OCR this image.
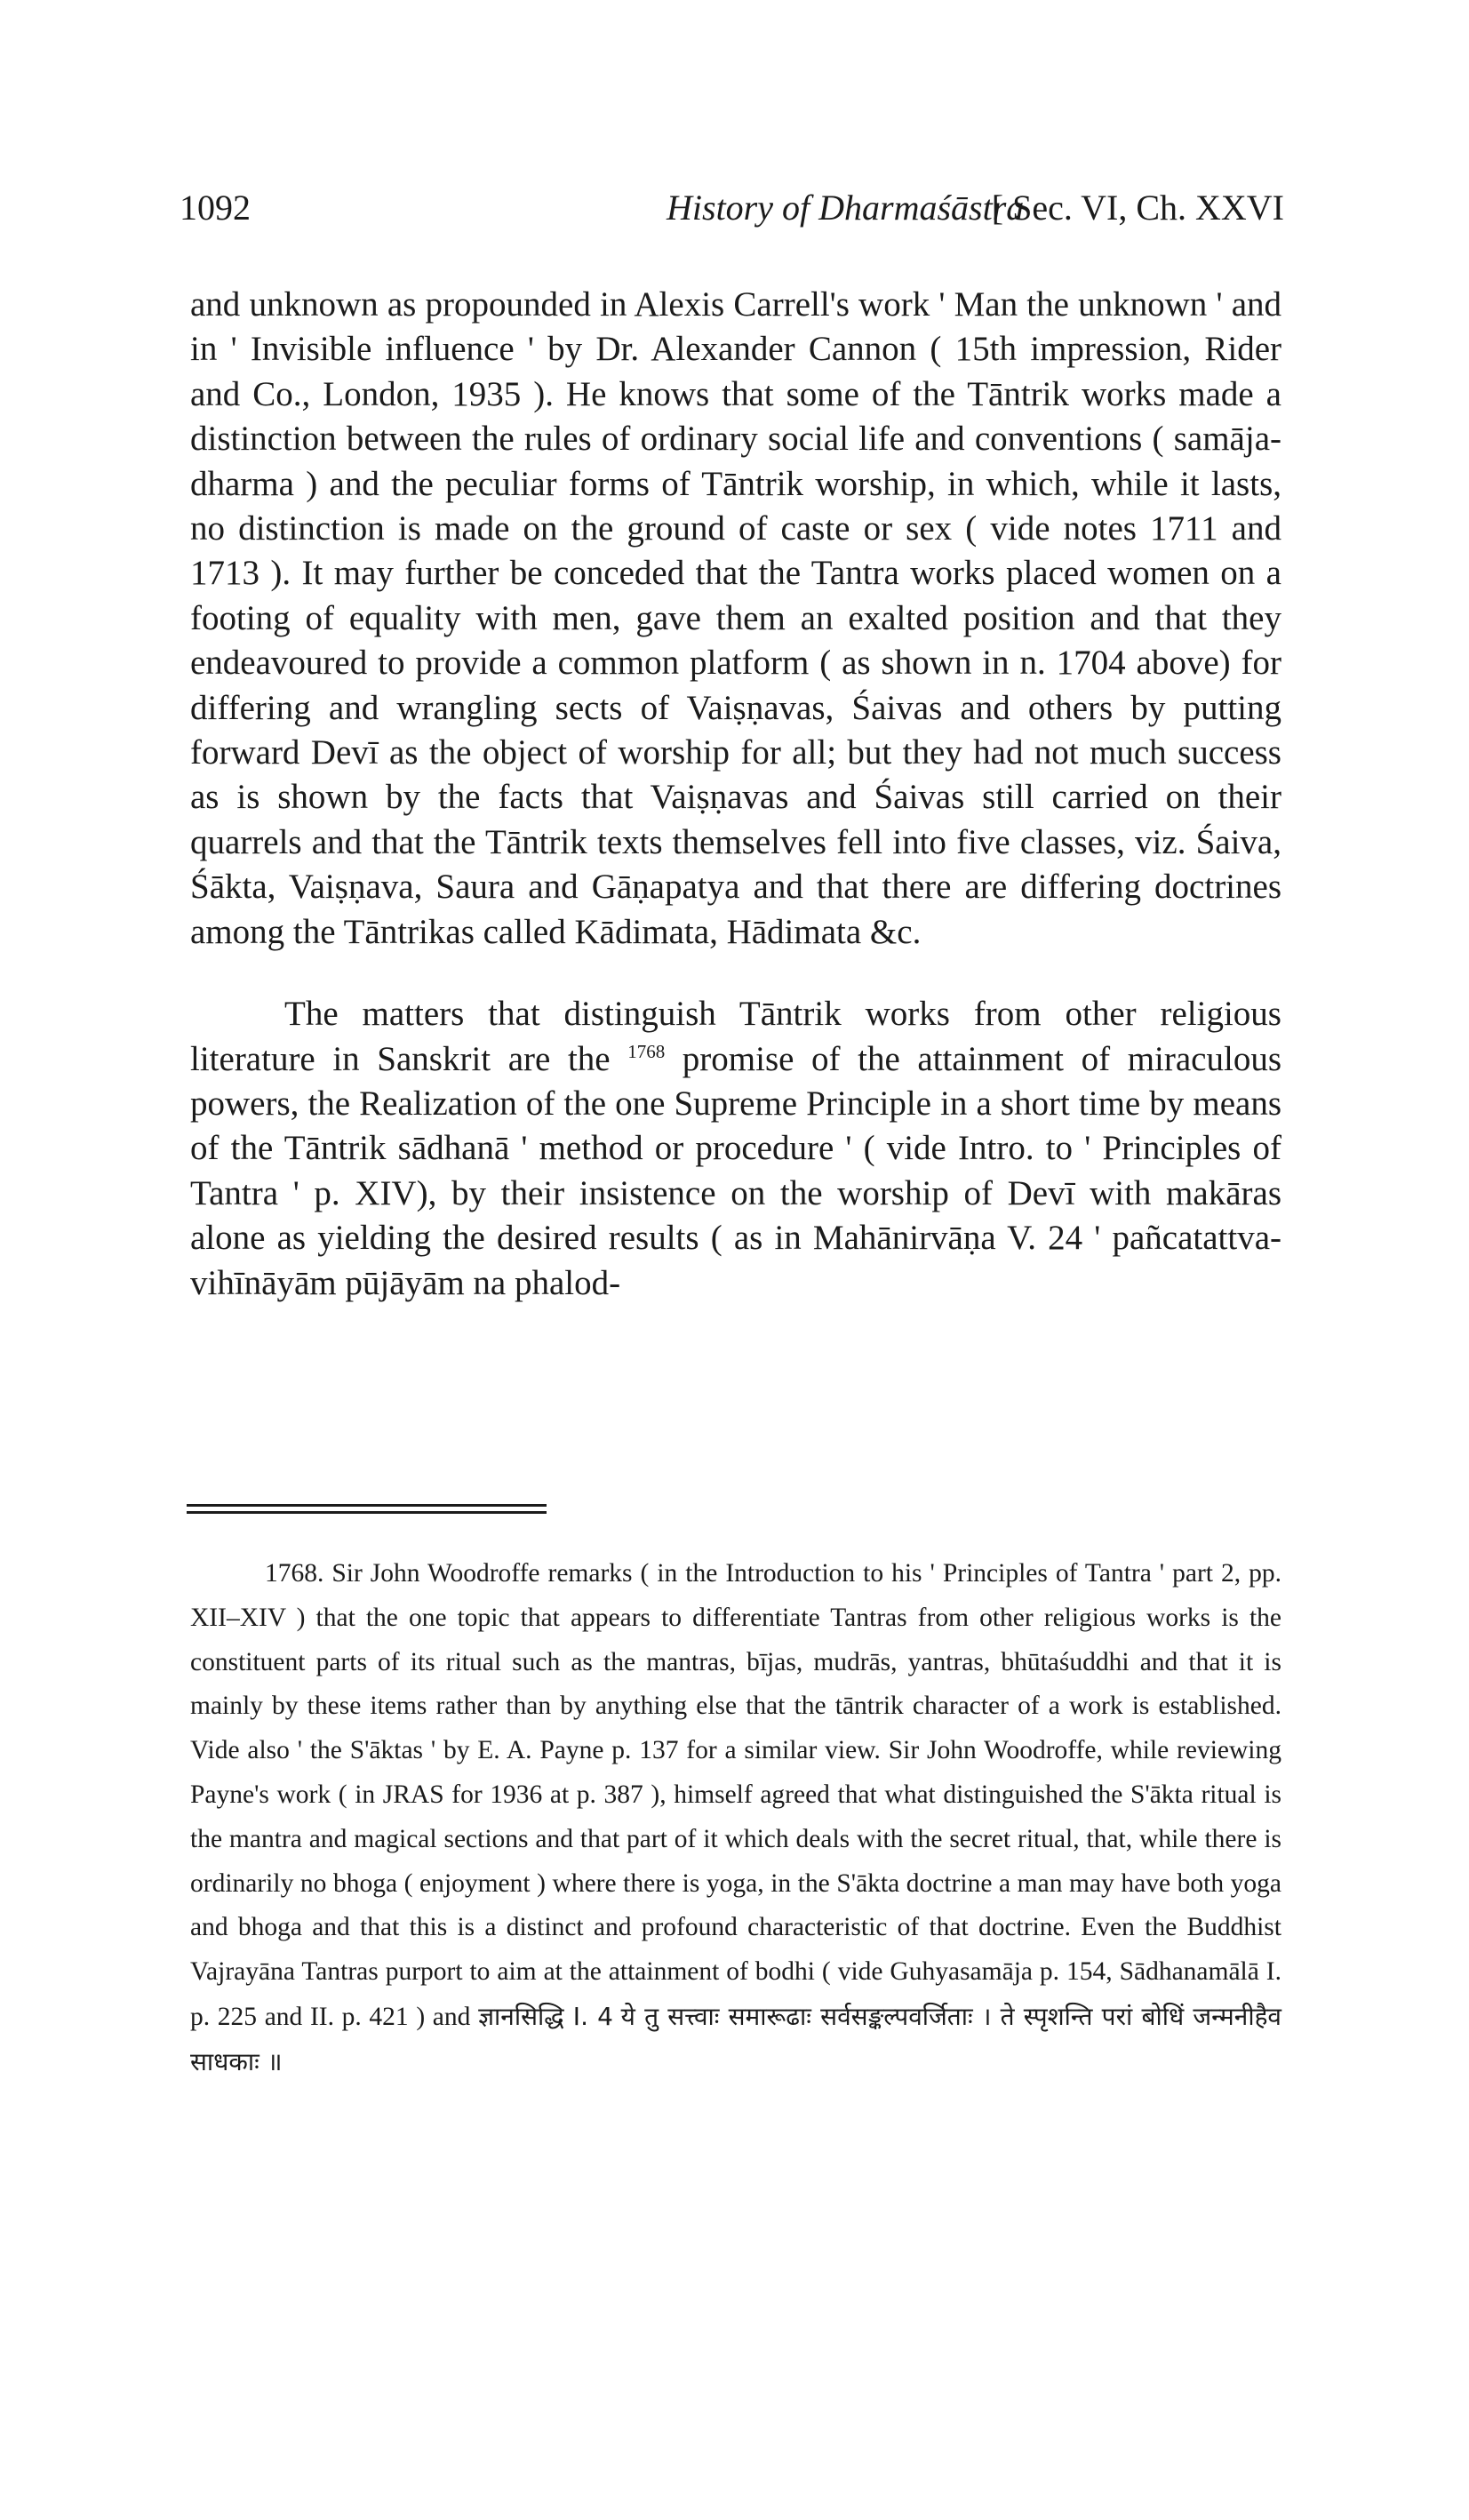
1092	History of Dharmaśāstra
[ Sec. VI, Ch. XXVI

and unknown as propounded in Alexis Carrell's work ' Man the unknown ' and in ' Invisible influence ' by Dr. Alexander Cannon ( 15th impression, Rider and Co., London, 1935 ). He knows that some of the Tāntrik works made a distinction between the rules of ordinary social life and conventions ( samāja-dharma ) and the peculiar forms of Tāntrik worship, in which, while it lasts, no distinction is made on the ground of caste or sex ( vide notes 1711 and 1713 ). It may further be conceded that the Tantra works placed women on a footing of equality with men, gave them an exalted position and that they endeavoured to provide a common platform ( as shown in n. 1704 above) for differing and wrangling sects of Vaiṣṇavas, Śaivas and others by putting forward Devī as the object of worship for all; but they had not much success as is shown by the facts that Vaiṣṇavas and Śaivas still carried on their quarrels and that the Tāntrik texts themselves fell into five classes, viz. Śaiva, Śākta, Vaiṣṇava, Saura and Gāṇapatya and that there are differing doctrines among the Tāntrikas called Kādimata, Hādimata &c.

The matters that distinguish Tāntrik works from other religious literature in Sanskrit are the $^{1768}$ promise of the attainment of miraculous powers, the Realization of the one Supreme Principle in a short time by means of the Tāntrik sādhanā ' method or procedure ' ( vide Intro. to ' Principles of Tantra ' p. XIV), by their insistence on the worship of Devī with makāras alone as yielding the desired results ( as in Mahānirvāṇa V. 24 ' pañcatattva-vihīnāyām pūjāyām na phalod-

1768. Sir John Woodroffe remarks ( in the Introduction to his ' Principles of Tantra ' part 2, pp. XII–XIV ) that the one topic that appears to differentiate Tantras from other religious works is the constituent parts of its ritual such as the mantras, bījas, mudrās, yantras, bhūtaśuddhi and that it is mainly by these items rather than by anything else that the tāntrik character of a work is established. Vide also ' the S'āktas ' by E. A. Payne p. 137 for a similar view. Sir John Woodroffe, while reviewing Payne's work ( in JRAS for 1936 at p. 387 ), himself agreed that what distinguished the S'ākta ritual is the mantra and magical sections and that part of it which deals with the secret ritual, that, while there is ordinarily no bhoga ( enjoyment ) where there is yoga, in the S'ākta doctrine a man may have both yoga and bhoga and that this is a distinct and profound characteristic of that doctrine. Even the Buddhist Vajrayāna Tantras purport to aim at the attainment of bodhi ( vide Guhyasamāja p. 154, Sādhanamālā I. p. 225 and II. p. 421 ) and ज्ञानसिद्धि I. 4 ये तु सत्त्वाः समारूढाः सर्वसङ्कल्पवर्जिताः । ते स्पृशन्ति परां बोधिं जन्मनीहैव साधकाः ॥
